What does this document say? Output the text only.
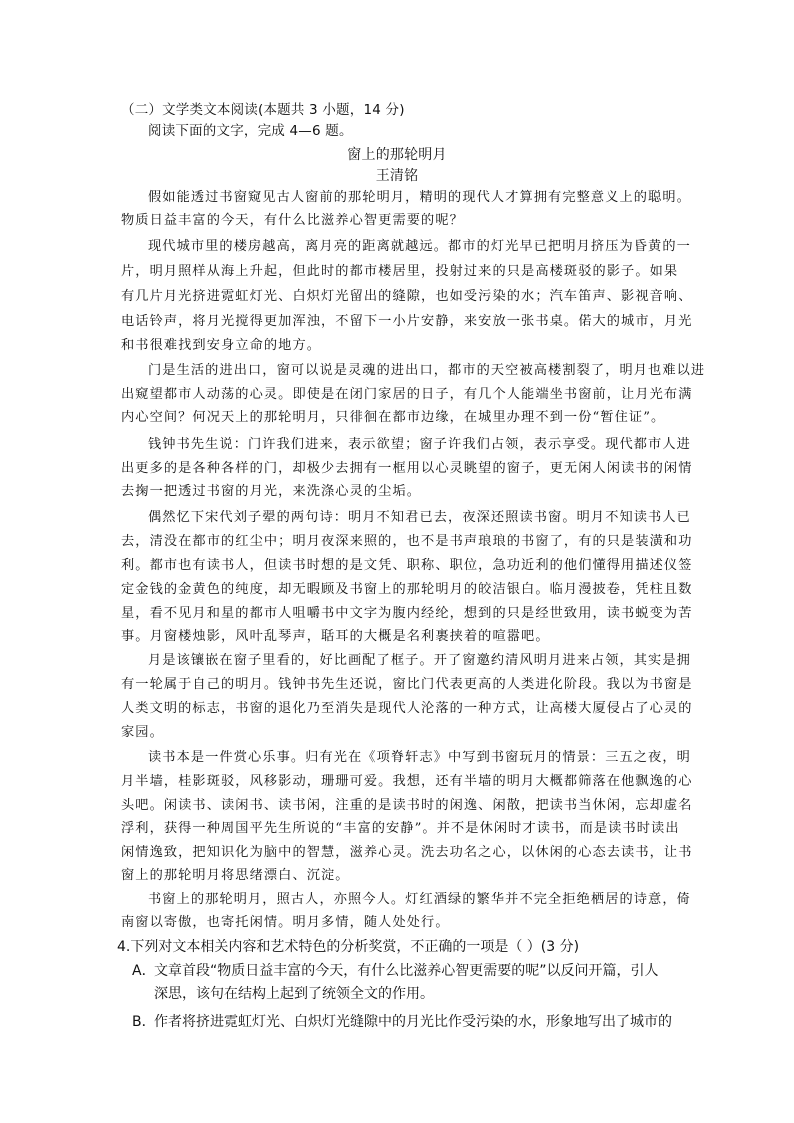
（二）文学类文本阅读(本题共 3 小题，14 分)
阅读下面的文字，完成 4—6 题。
窗上的那轮明月
王清铭
假如能透过书窗窥见古人窗前的那轮明月，精明的现代人才算拥有完整意义上的聪明。
物质日益丰富的今天，有什么比滋养心智更需要的呢？
现代城市里的楼房越高，离月亮的距离就越远。都市的灯光早已把明月挤压为昏黄的一
片，明月照样从海上升起，但此时的都市楼居里，投射过来的只是高楼斑驳的影子。如果
有几片月光挤进霓虹灯光、白炽灯光留出的缝隙，也如受污染的水；汽车笛声、影视音响、
电话铃声，将月光搅得更加浑浊，不留下一小片安静，来安放一张书桌。偌大的城市，月光
和书很难找到安身立命的地方。
门是生活的进出口，窗可以说是灵魂的进出口，都市的天空被高楼割裂了，明月也难以进
出窥望都市人动荡的心灵。即使是在闭门家居的日子，有几个人能端坐书窗前，让月光布满
内心空间？何况天上的那轮明月，只徘徊在都市边缘，在城里办理不到一份“暂住证”。
钱钟书先生说：门许我们进来，表示欲望；窗子许我们占领，表示享受。现代都市人进
出更多的是各种各样的门，却极少去拥有一框用以心灵眺望的窗子，更无闲人闲读书的闲情
去掬一把透过书窗的月光，来洗涤心灵的尘垢。
偶然忆下宋代刘子翚的两句诗：明月不知君已去，夜深还照读书窗。明月不知读书人已
去，清没在都市的红尘中；明月夜深来照的，也不是书声琅琅的书窗了，有的只是装潢和功
利。都市也有读书人，但读书时想的是文凭、职称、职位，急功近利的他们懂得用描述仪签
定金钱的金黄色的纯度，却无暇顾及书窗上的那轮明月的皎洁银白。临月漫披卷，凭柱且数
星，看不见月和星的都市人咀嚼书中文字为腹内经纶，想到的只是经世致用，读书蜕变为苦
事。月窗楼烛影，风叶乱琴声，聒耳的大概是名利裹挟着的喧嚣吧。
月是该镶嵌在窗子里看的，好比画配了框子。开了窗邀约清风明月进来占领，其实是拥
有一轮属于自己的明月。钱钟书先生还说，窗比门代表更高的人类进化阶段。我以为书窗是
人类文明的标志，书窗的退化乃至消失是现代人沦落的一种方式，让高楼大厦侵占了心灵的
家园。
读书本是一件赏心乐事。归有光在《项脊轩志》中写到书窗玩月的情景：三五之夜，明
月半墙，桂影斑驳，风移影动，珊珊可爱。我想，还有半墙的明月大概都筛落在他飘逸的心
头吧。闲读书、读闲书、读书闲，注重的是读书时的闲逸、闲散，把读书当休闲，忘却虚名
浮利，获得一种周国平先生所说的“丰富的安静”。并不是休闲时才读书，而是读书时读出
闲情逸致，把知识化为脑中的智慧，滋养心灵。洗去功名之心，以休闲的心态去读书，让书
窗上的那轮明月将思绪漂白、沉淀。
书窗上的那轮明月，照古人，亦照今人。灯红酒绿的繁华并不完全拒绝栖居的诗意，倚
南窗以寄傲，也寄托闲情。明月多情，随人处处行。
4.下列对文本相关内容和艺术特色的分析奖赏，不正确的一项是（ ）(3 分)
A．
文章首段“物质日益丰富的今天，有什么比滋养心智更需要的呢”以反问开篇，引人
深思，该句在结构上起到了统领全文的作用。
B．
作者将挤进霓虹灯光、白炽灯光缝隙中的月光比作受污染的水，形象地写出了城市的
